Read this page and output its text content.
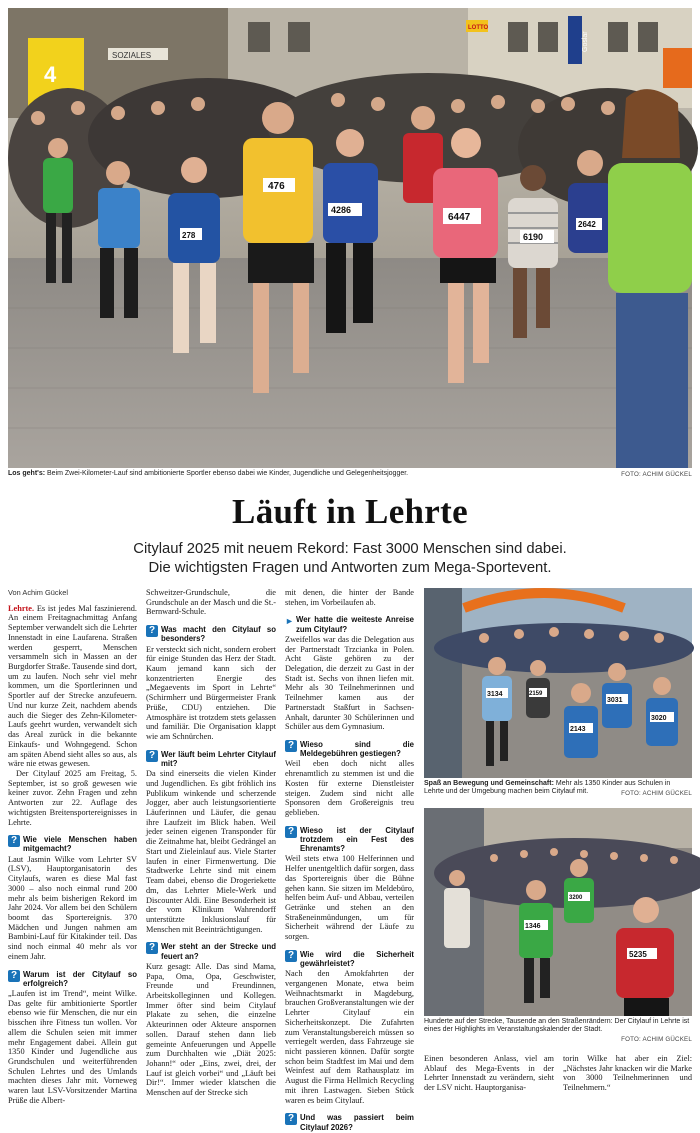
4
SOZIALES
Goslar
LOTTO
278
476
4286
6447
6190
2642
Los geht's: Beim Zwei-Kilometer-Lauf sind ambitionierte Sportler ebenso dabei wie Kinder, Jugendliche und Gelegenheitsjogger.	FOTO: ACHIM GÜCKEL
Läuft in Lehrte
Citylauf 2025 mit neuem Rekord: Fast 3000 Menschen sind dabei.
Die wichtigsten Fragen und Antworten zum Mega-Sportevent.
Von Achim Gückel

Lehrte. Es ist jedes Mal faszinierend. An einem Freitagnachmittag Anfang September verwandelt sich die Lehrter Innenstadt in eine Laufarena. Straßen werden gesperrt, Menschen versammeln sich in Massen an der Burgdorfer Straße. Tausende sind dort, um zu laufen. Noch sehr viel mehr kommen, um die Sportlerinnen und Sportler auf der Strecke anzufeuern. Und nur kurze Zeit, nachdem abends auch die Sieger des Zehn-Kilometer-Laufs geehrt wurden, verwandelt sich das Areal zurück in die bekannte Einkaufs- und Wohngegend. Schon am späten Abend sieht alles so aus, als wäre nie etwas gewesen.

Der Citylauf 2025 am Freitag, 5. September, ist so groß gewesen wie keiner zuvor. Zehn Fragen und zehn Antworten zur 22. Auflage des wichtigsten Breitensportereignisses in Lehrte.

? Wie viele Menschen haben mitgemacht?

Laut Jasmin Wilke vom Lehrter SV (LSV), Hauptorganisatorin des Citylaufs, waren es diese Mal fast 3000 – also noch einmal rund 200 mehr als beim bisherigen Rekord im Jahr 2024. Vor allem bei den Schülern boomt das Sportereignis. 370 Mädchen und Jungen nahmen am Bambini-Lauf für Kitakinder teil. Das sind noch einmal 40 mehr als vor einem Jahr.

? Warum ist der Citylauf so erfolgreich?

„Laufen ist im Trend“, meint Wilke. Das gelte für ambitionierte Sportler ebenso wie für Menschen, die nur ein bisschen ihre Fitness tun wollen. Vor allem die Schulen seien mit immer mehr Engagement dabei. Allein gut 1350 Kinder und Jugendliche aus Grundschulen und weiterführenden Schulen Lehrtes und des Umlands machten dieses Jahr mit. Vorneweg waren laut LSV-Vorsitzender Martina Prüße die Albert-

Schweitzer-Grundschule, die Grundschule an der Masch und die St.-Bernward-Schule.

? Was macht den Citylauf so besonders?

Er versteckt sich nicht, sondern erobert für einige Stunden das Herz der Stadt. Kaum jemand kann sich der konzentrierten Energie des „Megaevents im Sport in Lehrte“ (Schirmherr und Bürgermeister Frank Prüße, CDU) entziehen. Die Atmosphäre ist trotzdem stets gelassen und familiär. Die Organisation klappt wie am Schnürchen.

? Wer läuft beim Lehrter Citylauf mit?

Da sind einerseits die vielen Kinder und Jugendlichen. Es gibt fröhlich ins Publikum winkende und scherzende Jogger, aber auch leistungsorientierte Läuferinnen und Läufer, die genau ihre Laufzeit im Blick haben. Weil jeder seinen eigenen Transponder für die Zeitnahme hat, bleibt Gedrängel an Start und Zieleinlauf aus. Viele Starter laufen in einer Firmenwertung. Die Stadtwerke Lehrte sind mit einem Team dabei, ebenso die Drogeriekette dm, das Lehrter Miele-Werk und Discounter Aldi. Eine Besonderheit ist der vom Klinikum Wahrendorff unterstützte Inklusionslauf für Menschen mit Beeinträchtigungen.

? Wer steht an der Strecke und feuert an?

Kurz gesagt: Alle. Das sind Mama, Papa, Oma, Opa, Geschwister, Freunde und Freundinnen, Arbeitskolleginnen und Kollegen. Immer öfter sind beim Citylauf Plakate zu sehen, die einzelne Akteurinnen oder Akteure anspornen sollen. Darauf stehen dann lieb gemeinte Anfeuerungen und Appelle zum Durchhalten wie „Diät 2025: Johann!“ oder „Eins, zwei, drei, der Lauf ist gleich vorbei“ und „Läuft bei Dir!“. Immer wieder klatschen die Menschen auf der Strecke sich

mit denen, die hinter der Bande stehen, im Vorbeilaufen ab.

► Wer hatte die weiteste Anreise zum Citylauf?

Zweifellos war das die Delegation aus der Partnerstadt Trzcianka in Polen. Acht Gäste gehören zu der Delegation, die derzeit zu Gast in der Stadt ist. Sechs von ihnen liefen mit. Mehr als 30 Teilnehmerinnen und Teilnehmer kamen aus der Partnerstadt Staßfurt in Sachsen-Anhalt, darunter 30 Schülerinnen und Schüler aus dem Gymnasium.

? Wieso sind die Meldegebühren gestiegen?

Weil eben doch nicht alles ehrenamtlich zu stemmen ist und die Kosten für externe Dienstleister steigen. Zudem sind nicht alle Sponsoren dem Großereignis treu geblieben.

? Wieso ist der Citylauf trotzdem ein Fest des Ehrenamts?

Weil stets etwa 100 Helferinnen und Helfer unentgeltlich dafür sorgen, dass das Sportereignis über die Bühne gehen kann. Sie sitzen im Meldebüro, helfen beim Auf- und Abbau, verteilen Getränke und stehen an den Straßeneinmündungen, um für Sicherheit während der Läufe zu sorgen.

? Wie wird die Sicherheit gewährleistet?

Nach den Amokfahrten der vergangenen Monate, etwa beim Weihnachtsmarkt in Magdeburg, brauchen Großveranstaltungen wie der Lehrter Citylauf ein Sicherheitskonzept. Die Zufahrten zum Veranstaltungsbereich müssen so verriegelt werden, dass Fahrzeuge sie nicht passieren können. Dafür sorgte schon beim Stadtfest im Mai und dem Weinfest auf dem Rathausplatz im August die Firma Hellmich Recycling mit ihren Lastwagen. Sieben Stück waren es beim Citylauf.

? Und was passiert beim Citylauf 2026?
3134
2143
3031
2159
3020
Spaß an Bewegung und Gemeinschaft: Mehr als 1350 Kinder aus Schulen in Lehrte und der Umgebung machen beim Citylauf mit.	FOTO: ACHIM GÜCKEL
1346
3200
5235
Hunderte auf der Strecke, Tausende an den Straßenrändern: Der Citylauf in Lehrte ist eines der Highlights im Veranstaltungskalender der Stadt.
FOTO: ACHIM GÜCKEL

Einen besonderen Anlass, viel am Ablauf des Mega-Events in der Lehrter Innenstadt zu verändern, sieht der LSV nicht. Hauptorganisa-

torin Wilke hat aber ein Ziel: „Nächstes Jahr knacken wir die Marke von 3000 Teilnehmerinnen und Teilnehmern.“
